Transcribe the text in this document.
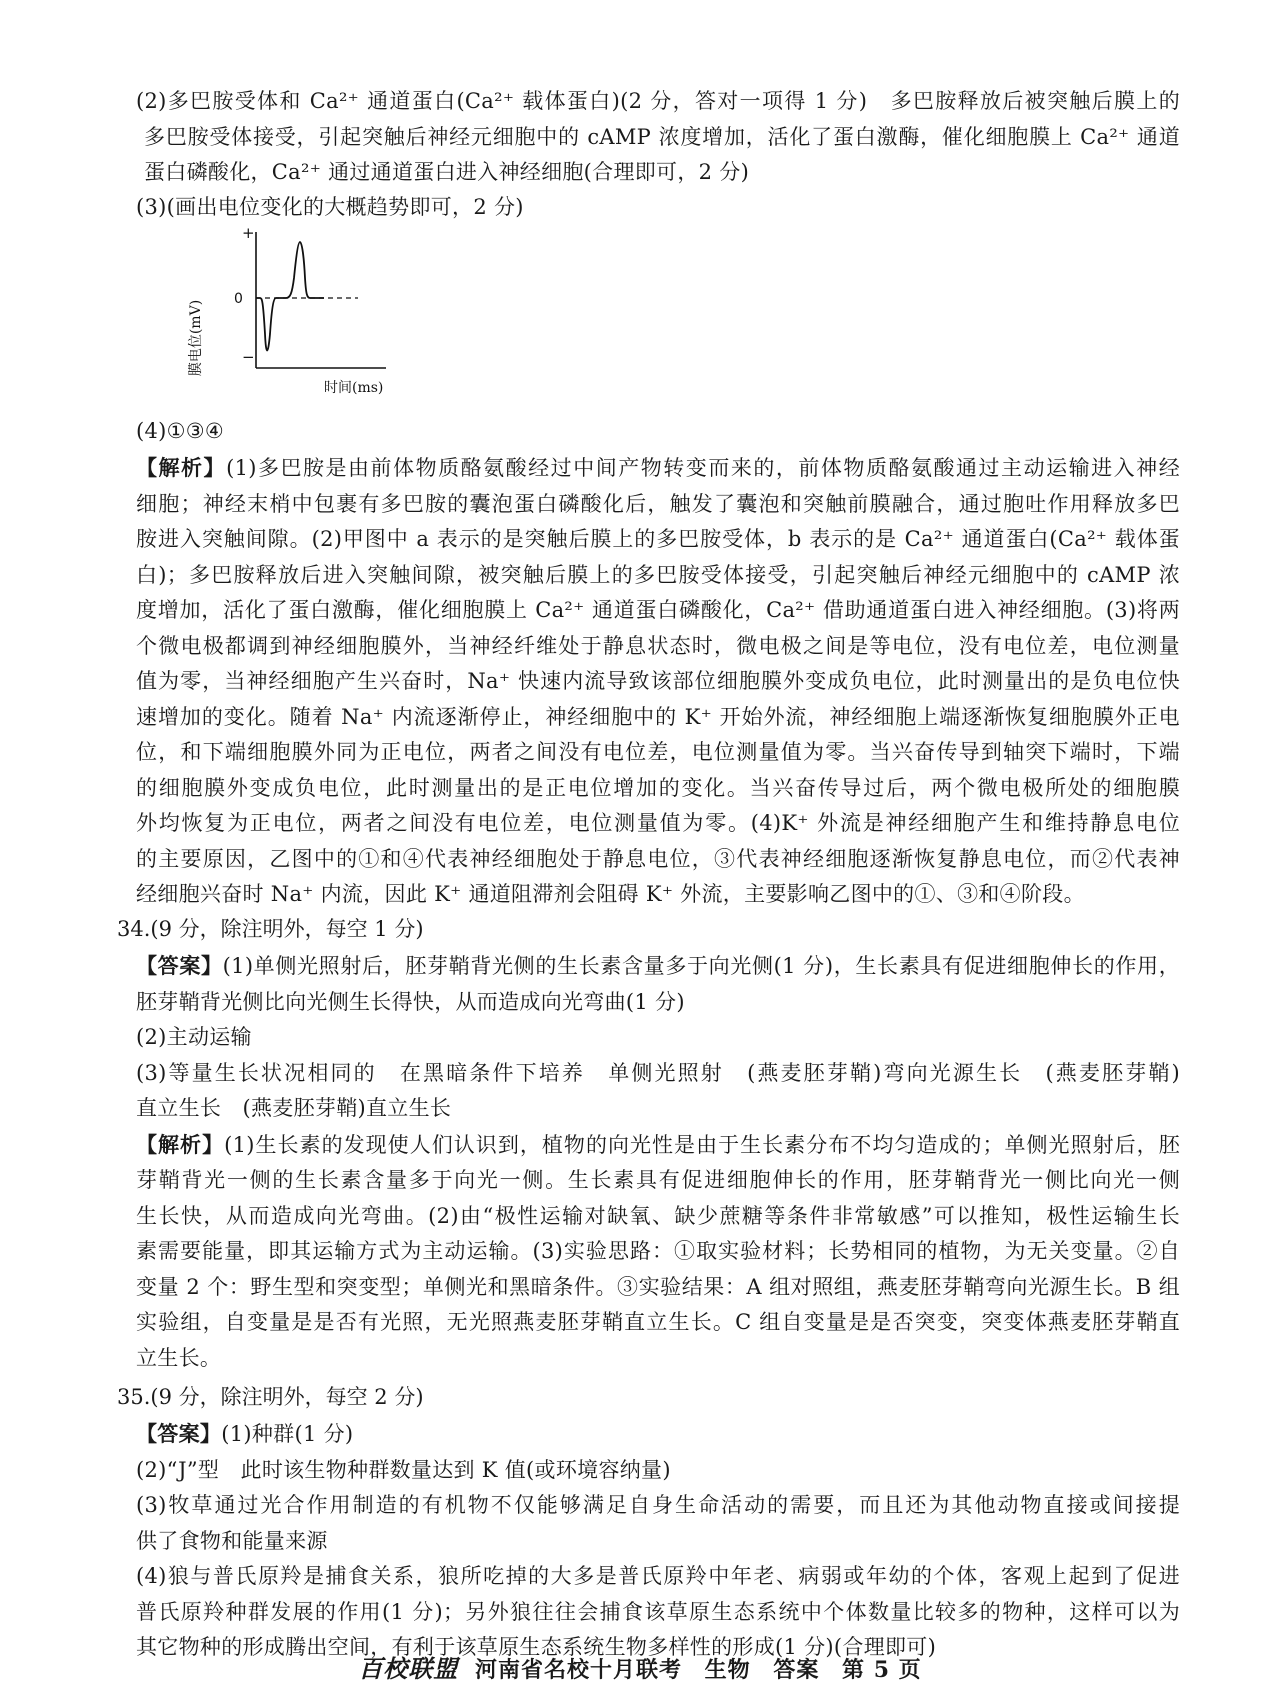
(2)多巴胺受体和 Ca²⁺ 通道蛋白(Ca²⁺ 载体蛋白)(2 分，答对一项得 1 分)　多巴胺释放后被突触后膜上的

多巴胺受体接受，引起突触后神经元细胞中的 cAMP 浓度增加，活化了蛋白激酶，催化细胞膜上 Ca²⁺ 通道

蛋白磷酸化，Ca²⁺ 通过通道蛋白进入神经细胞(合理即可，2 分)

(3)(画出电位变化的大概趋势即可，2 分)

+
0
−
膜电位(mV)
时间(ms)

(4)①③④

【解析】(1)多巴胺是由前体物质酪氨酸经过中间产物转变而来的，前体物质酪氨酸通过主动运输进入神经

细胞；神经末梢中包裹有多巴胺的囊泡蛋白磷酸化后，触发了囊泡和突触前膜融合，通过胞吐作用释放多巴

胺进入突触间隙。(2)甲图中 a 表示的是突触后膜上的多巴胺受体，b 表示的是 Ca²⁺ 通道蛋白(Ca²⁺ 载体蛋

白)；多巴胺释放后进入突触间隙，被突触后膜上的多巴胺受体接受，引起突触后神经元细胞中的 cAMP 浓

度增加，活化了蛋白激酶，催化细胞膜上 Ca²⁺ 通道蛋白磷酸化，Ca²⁺ 借助通道蛋白进入神经细胞。(3)将两

个微电极都调到神经细胞膜外，当神经纤维处于静息状态时，微电极之间是等电位，没有电位差，电位测量

值为零，当神经细胞产生兴奋时，Na⁺ 快速内流导致该部位细胞膜外变成负电位，此时测量出的是负电位快

速增加的变化。随着 Na⁺ 内流逐渐停止，神经细胞中的 K⁺ 开始外流，神经细胞上端逐渐恢复细胞膜外正电

位，和下端细胞膜外同为正电位，两者之间没有电位差，电位测量值为零。当兴奋传导到轴突下端时，下端

的细胞膜外变成负电位，此时测量出的是正电位增加的变化。当兴奋传导过后，两个微电极所处的细胞膜

外均恢复为正电位，两者之间没有电位差，电位测量值为零。(4)K⁺ 外流是神经细胞产生和维持静息电位

的主要原因，乙图中的①和④代表神经细胞处于静息电位，③代表神经细胞逐渐恢复静息电位，而②代表神

经细胞兴奋时 Na⁺ 内流，因此 K⁺ 通道阻滞剂会阻碍 K⁺ 外流，主要影响乙图中的①、③和④阶段。

34.(9 分，除注明外，每空 1 分)

【答案】(1)单侧光照射后，胚芽鞘背光侧的生长素含量多于向光侧(1 分)，生长素具有促进细胞伸长的作用，

胚芽鞘背光侧比向光侧生长得快，从而造成向光弯曲(1 分)

(2)主动运输

(3)等量生长状况相同的　在黑暗条件下培养　单侧光照射　(燕麦胚芽鞘)弯向光源生长　(燕麦胚芽鞘)

直立生长　(燕麦胚芽鞘)直立生长

【解析】(1)生长素的发现使人们认识到，植物的向光性是由于生长素分布不均匀造成的；单侧光照射后，胚

芽鞘背光一侧的生长素含量多于向光一侧。生长素具有促进细胞伸长的作用，胚芽鞘背光一侧比向光一侧

生长快，从而造成向光弯曲。(2)由“极性运输对缺氧、缺少蔗糖等条件非常敏感”可以推知，极性运输生长

素需要能量，即其运输方式为主动运输。(3)实验思路：①取实验材料；长势相同的植物，为无关变量。②自

变量 2 个：野生型和突变型；单侧光和黑暗条件。③实验结果：A 组对照组，燕麦胚芽鞘弯向光源生长。B 组

实验组，自变量是是否有光照，无光照燕麦胚芽鞘直立生长。C 组自变量是是否突变，突变体燕麦胚芽鞘直

立生长。

35.(9 分，除注明外，每空 2 分)

【答案】(1)种群(1 分)

(2)“J”型　此时该生物种群数量达到 K 值(或环境容纳量)

(3)牧草通过光合作用制造的有机物不仅能够满足自身生命活动的需要，而且还为其他动物直接或间接提

供了食物和能量来源

(4)狼与普氏原羚是捕食关系，狼所吃掉的大多是普氏原羚中年老、病弱或年幼的个体，客观上起到了促进

普氏原羚种群发展的作用(1 分)；另外狼往往会捕食该草原生态系统中个体数量比较多的物种，这样可以为

其它物种的形成腾出空间，有利于该草原生态系统生物多样性的形成(1 分)(合理即可)

百校联盟 河南省名校十月联考 生物 答案 第 5 页
